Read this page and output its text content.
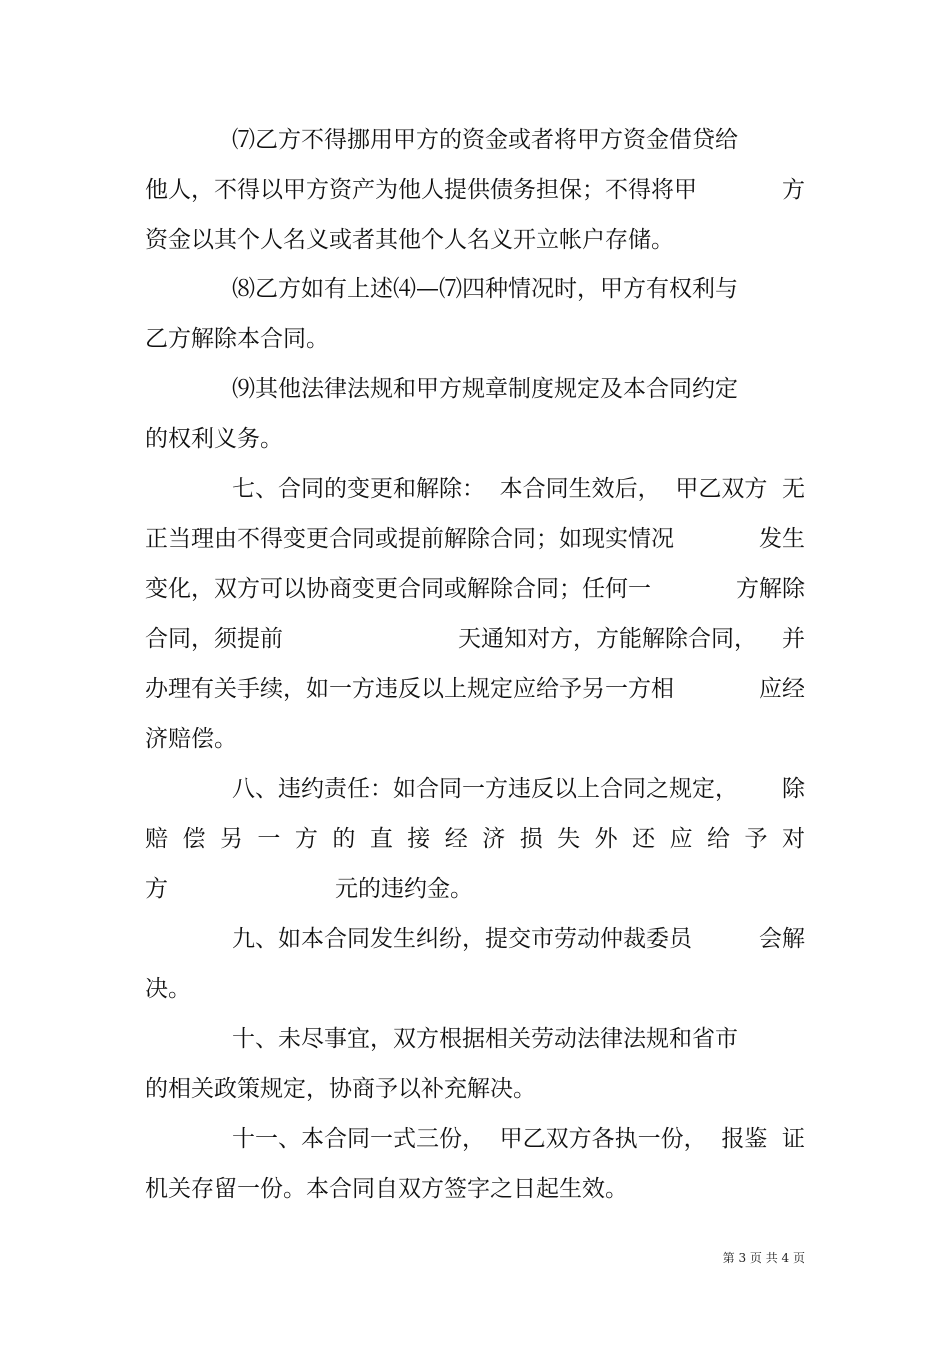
⑺乙方不得挪用甲方的资金或者将甲方资金借贷给
他人，不得以甲方资产为他人提供债务担保；不得将甲	方
资金以其个人名义或者其他个人名义开立帐户存储。
⑻乙方如有上述⑷—⑺四种情况时，甲方有权利与
乙方解除本合同。
⑼其他法律法规和甲方规章制度规定及本合同约定
的权利义务。
七、合同的变更和解除： 本合同生效后， 甲乙双方 无
正当理由不得变更合同或提前解除合同；如现实情况	发生
变化，双方可以协商变更合同或解除合同；任何一	方解除
合同，须提前	天通知对方，方能解除合同， 并
办理有关手续，如一方违反以上规定应给予另一方相	应经
济赔偿。
八、违约责任：如合同一方违反以上合同之规定， 除
赔 偿 另 一 方 的 直 接 经 济 损 失 外 还 应 给 予 对
方	元的违约金。
九、如本合同发生纠纷，提交市劳动仲裁委员	会解
决。
十、未尽事宜，双方根据相关劳动法律法规和省市
的相关政策规定，协商予以补充解决。
十一、本合同一式三份， 甲乙双方各执一份， 报鉴 证
机关存留一份。本合同自双方签字之日起生效。
第 3 页 共 4 页
